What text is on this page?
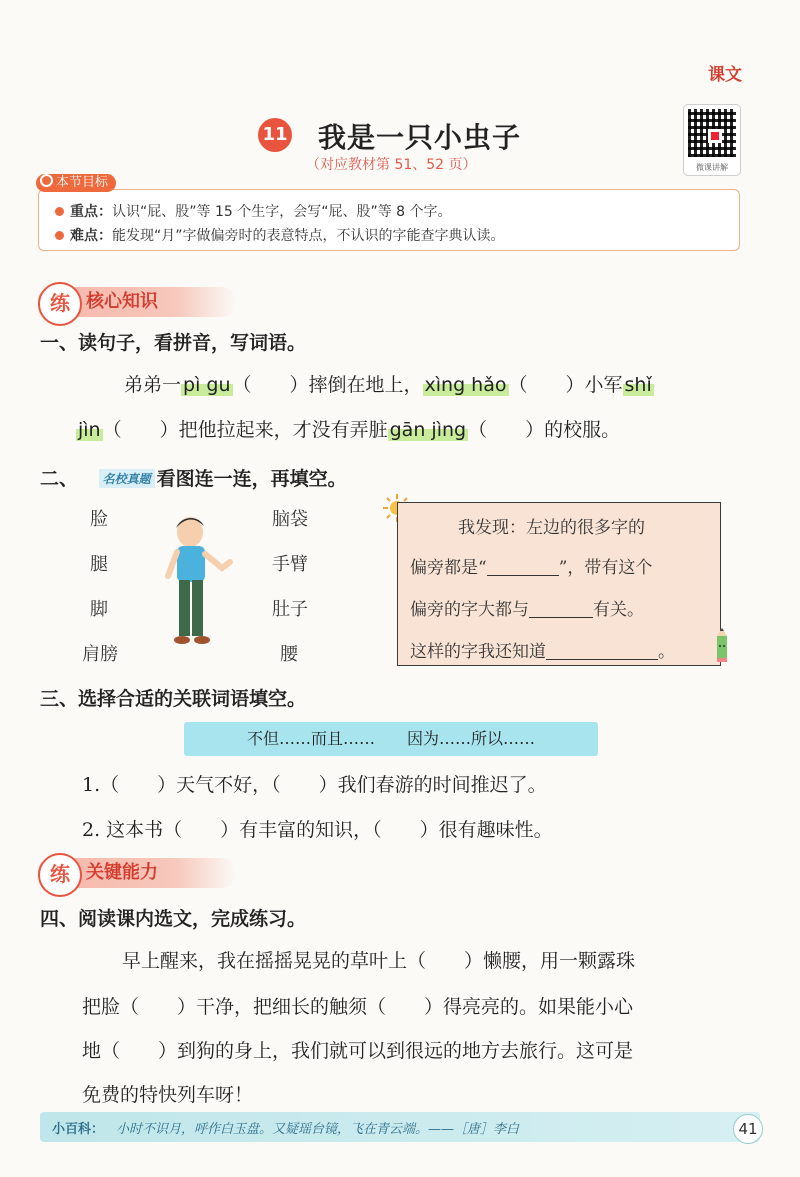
课文
微课讲解
11 我是一只小虫子
（对应教材第 51、52 页）
重点：认识“屁、股”等 15 个生字，会写“屁、股”等 8 个字。
难点：能发现“月”字做偏旁时的表意特点，不认识的字能查字典认读。
本节目标
练 核心知识
一、读句子，看拼音，写词语。
弟弟一 pì gu （　　）摔倒在地上， xìng hǎo （　　）小军 shǐ
jìn （　　）把他拉起来，才没有弄脏 gān jìng （　　）的校服。
二、 名校真题 看图连一连，再填空。
脸
腿
脚
肩膀
脑袋
手臂
肚子
腰
我发现：左边的很多字的
偏旁都是“	”，带有这个
偏旁的字大都与	有关。
这样的字我还知道	。
三、选择合适的关联词语填空。
不但……而且……　　因为……所以……
1.（　　）天气不好，（　　）我们春游的时间推迟了。
2. 这本书（　　）有丰富的知识，（　　）很有趣味性。
练 关键能力
四、阅读课内选文，完成练习。
早上醒来，我在摇摇晃晃的草叶上（　　）懒腰，用一颗露珠
把脸（　　）干净，把细长的触须（　　）得亮亮的。如果能小心
地（　　）到狗的身上，我们就可以到很远的地方去旅行。这可是
免费的特快列车呀！
小百科： 小时不识月，呼作白玉盘。又疑瑶台镜，飞在青云端。——［唐］李白	41
